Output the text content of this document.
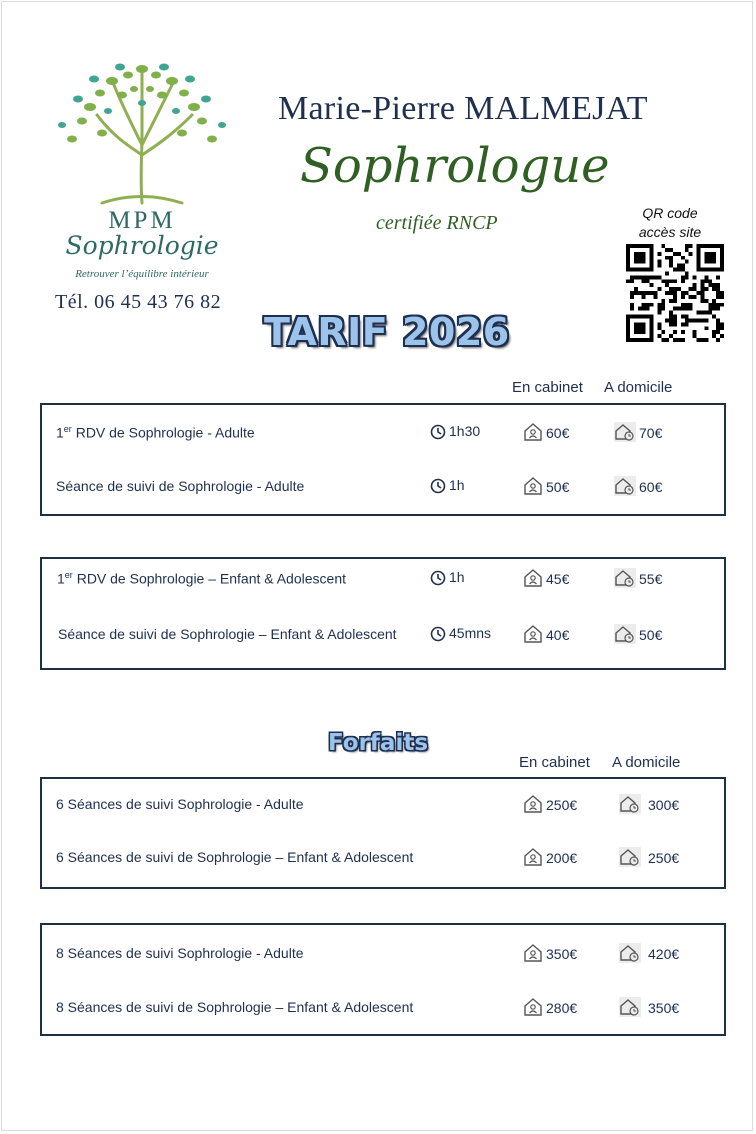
MPM
Sophrologie
Retrouver l’équilibre intérieur
Tél. 06 45 43 76 82
Marie-Pierre MALMEJAT
Sophrologue
certifiée RNCP	QR code
accès site
TARIF 2026
En cabinet A domicile
1er RDV de Sophrologie - Adulte	1h30	60€	70€
Séance de suivi de Sophrologie - Adulte	1h	50€	60€
1er RDV de Sophrologie – Enfant & Adolescent	1h	45€	55€
Séance de suivi de Sophrologie – Enfant & Adolescent	45mns	40€	50€
Forfaits
En cabinet A domicile
6 Séances de suivi Sophrologie - Adulte	250€	300€
6 Séances de suivi de Sophrologie – Enfant & Adolescent	200€	250€
8 Séances de suivi Sophrologie - Adulte	350€	420€
8 Séances de suivi de Sophrologie – Enfant & Adolescent	280€	350€
